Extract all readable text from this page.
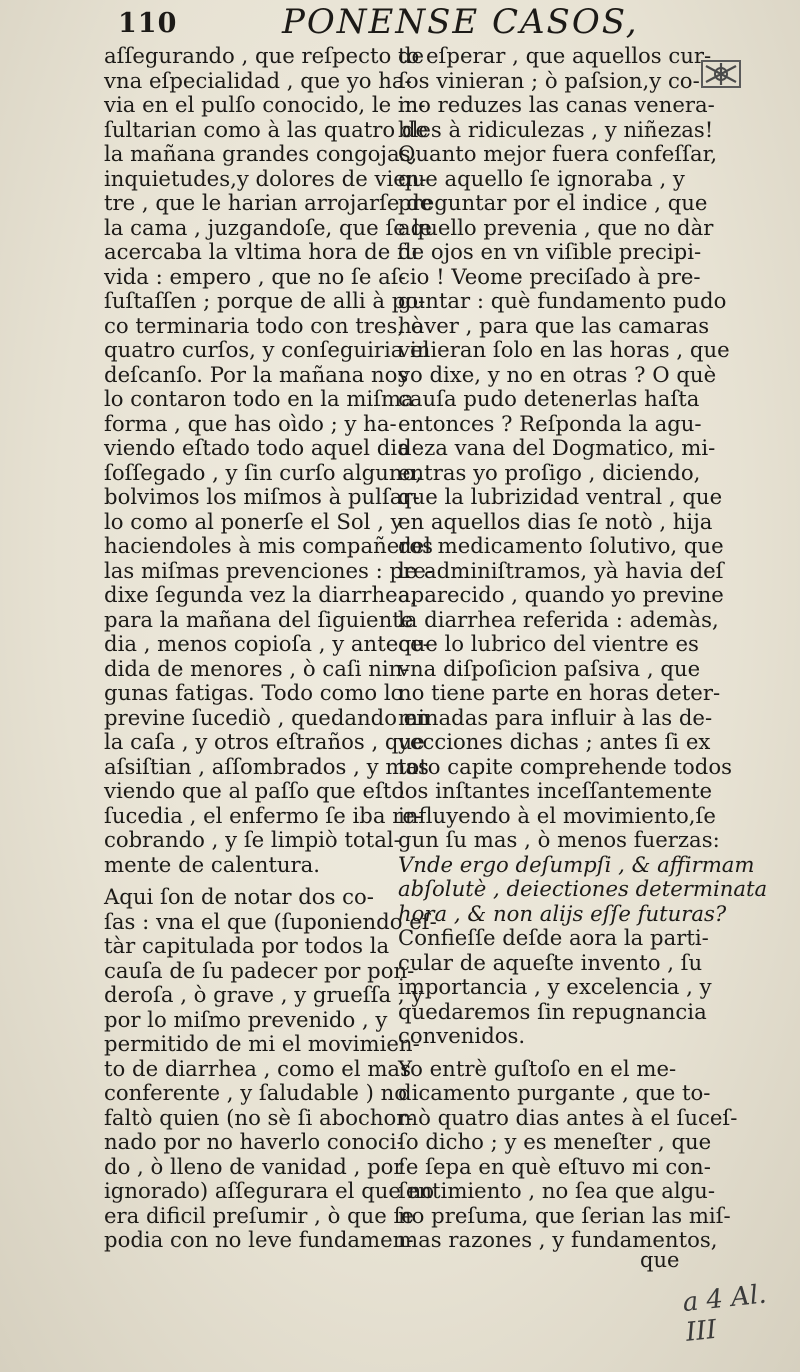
110	PONENSE CASOS,
aſſegurando , que reſpecto de
vna eſpecialidad , que yo ha-
via en el pulſo conocido, le in-
ſultarian como à las quatro de
la mañana grandes congojas,
inquietudes,y dolores de vien-
tre , que le harian arrojarſe de
la cama , juzgandoſe, que ſe le
acercaba la vltima hora de ſu
vida : empero , que no ſe aſ-
ſuſtaſſen ; porque de alli à po-
co terminaria todo con tres, ò
quatro curſos, y conſeguiria el
deſcanſo. Por la mañana nos
lo contaron todo en la miſma
forma , que has oìdo ; y ha-
viendo eſtado todo aquel dia
ſoſſegado , y ſin curſo alguno,
bolvimos los miſmos à pulſar-
lo como al ponerſe el Sol , y
haciendoles à mis compañeros
las miſmas prevenciones : pre-
dixe ſegunda vez la diarrhea,
para la mañana del ſiguiente
dia , menos copioſa , y antece-
dida de menores , ò caſi nin-
gunas fatigas. Todo como lo
previne ſucediò , quedando en
la caſa , y otros eſtraños , que
aſsiſtian , aſſombrados , y mas
viendo que al paſſo que eſto
ſucedia , el enfermo ſe iba re-
cobrando , y ſe limpiò total-
mente de calentura.
Aqui ſon de notar dos co-
ſas : vna el que (ſuponiendo eſ-
tàr capitulada por todos la
cauſa de ſu padecer por pon-
deroſa , ò grave , y grueſſa , y
por lo miſmo prevenido , y
permitido de mi el movimien-
to de diarrhea , como el mas
conferente , y ſaludable ) no
faltò quien (no sè ſi abochor-
nado por no haverlo conoci-
do , ò lleno de vanidad , por
ignorado) aſſegurara el que no
era dificil preſumir , ò que ſe
podia con no leve fundamen-
to eſperar , que aquellos cur-
ſos vinieran ; ò paſsion,y co-
mo reduzes las canas venera-
bles à ridiculezas , y niñezas!
Quanto mejor fuera confeſſar,
que aquello ſe ignoraba , y
preguntar por el indice , que
aquello prevenia , que no dàr
de ojos en vn viſible precipi-
cio ! Veome preciſado à pre-
guntar : què fundamento pudo
haver , para que las camaras
vinieran ſolo en las horas , que
yo dixe, y no en otras ? O què
cauſa pudo detenerlas haſta
entonces ? Reſponda la agu-
deza vana del Dogmatico, mi-
entras yo proſigo , diciendo,
que la lubrizidad ventral , que
en aquellos dias ſe notò , hija
del medicamento ſolutivo, que
le adminiſtramos, yà havia deſ
aparecido , quando yo previne
la diarrhea referida : ademàs,
que lo lubrico del vientre es
vna diſpoſicion paſsiva , que
no tiene parte en horas deter-
minadas para influir à las de-
yecciones dichas ; antes ſi ex
toto capite comprehende todos
los inſtantes inceſſantemente
influyendo à el movimiento,ſe
gun ſu mas , ò menos fuerzas:
Vnde ergo deſumpſi , & affirmam
abſolutè , deiectiones determinata
hora , & non alijs eſſe futuras?
Confieſſe deſde aora la parti-
cular de aqueſte invento , ſu
importancia , y excelencia , y
quedaremos ſin repugnancia
convenidos.
Yo entrè guſtoſo en el me-
dicamento purgante , que to-
mò quatro dias antes à el ſuceſ-
ſo dicho ; y es meneſter , que
ſe ſepa en què eſtuvo mi con-
ſentimiento , no ſea que algu-
no preſuma, que ſerian las miſ-
mas razones , y fundamentos,
que
a 4 Al. III
